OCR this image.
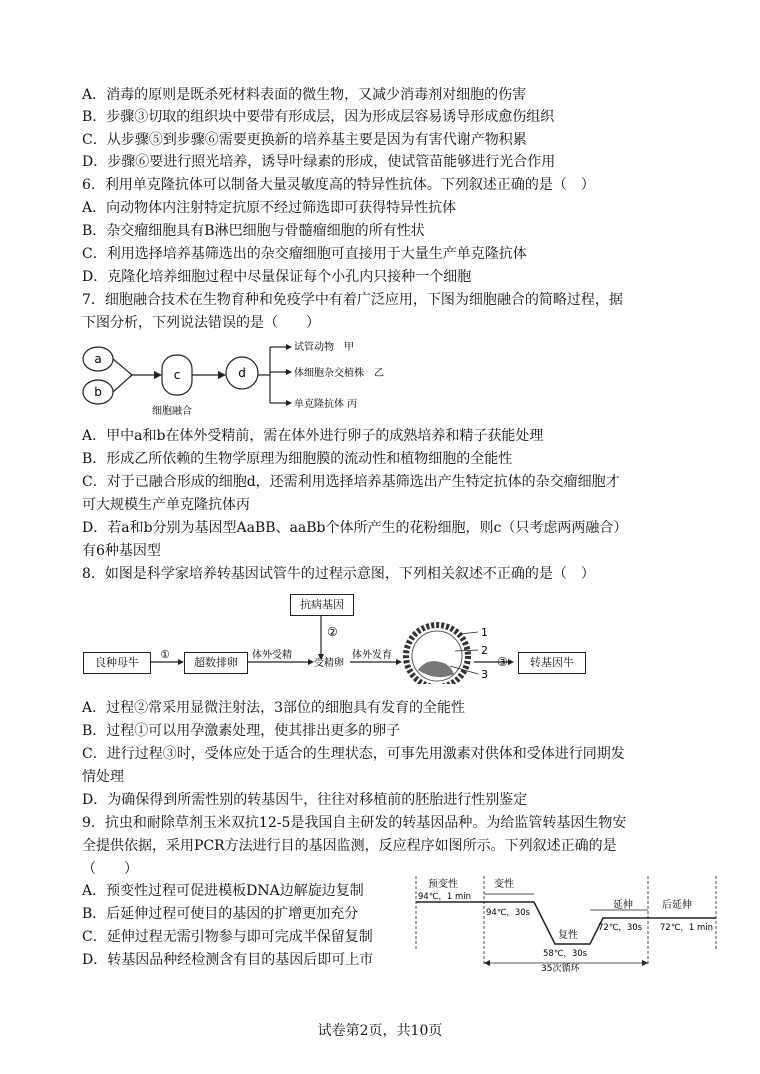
A．消毒的原则是既杀死材料表面的微生物，又减少消毒剂对细胞的伤害
B．步骤③切取的组织块中要带有形成层，因为形成层容易诱导形成愈伤组织
C．从步骤⑤到步骤⑥需要更换新的培养基主要是因为有害代谢产物积累
D．步骤⑥要进行照光培养，诱导叶绿素的形成，使试管苗能够进行光合作用
6．利用单克隆抗体可以制备大量灵敏度高的特异性抗体。下列叙述正确的是（　）
A．向动物体内注射特定抗原不经过筛选即可获得特异性抗体
B．杂交瘤细胞具有B淋巴细胞与骨髓瘤细胞的所有性状
C．利用选择培养基筛选出的杂交瘤细胞可直接用于大量生产单克隆抗体
D．克隆化培养细胞过程中尽量保证每个小孔内只接种一个细胞
7．细胞融合技术在生物育种和免疫学中有着广泛应用，下图为细胞融合的简略过程，据
下图分析，下列说法错误的是（　　）
a
b
c	d
细胞融合
试管动物　甲
体细胞杂交植株　乙
单克隆抗体 丙
A．甲中a和b在体外受精前，需在体外进行卵子的成熟培养和精子获能处理
B．形成乙所依赖的生物学原理为细胞膜的流动性和植物细胞的全能性
C．对于已融合形成的细胞d，还需利用选择培养基筛选出产生特定抗体的杂交瘤细胞才
可大规模生产单克隆抗体丙
D．若a和b分别为基因型AaBB、aaBb个体所产生的花粉细胞，则c（只考虑两两融合）
有6种基因型
8．如图是科学家培养转基因试管牛的过程示意图，下列相关叙述不正确的是（　）
抗病基因
良种母牛	超数排卵	转基因牛
②
①	体外受精
受精卵
体外发育
1
2
3
③
A．过程②常采用显微注射法，3部位的细胞具有发育的全能性
B．过程①可以用孕激素处理，使其排出更多的卵子
C．进行过程③时，受体应处于适合的生理状态，可事先用激素对供体和受体进行同期发
情处理
D．为确保得到所需性别的转基因牛，往往对移植前的胚胎进行性别鉴定
9．抗虫和耐除草剂玉米双抗12-5是我国自主研发的转基因品种。为给监管转基因生物安
全提供依据，采用PCR方法进行目的基因监测，反应程序如图所示。下列叙述正确的是
（　　）
A．预变性过程可促进模板DNA边解旋边复制
B．后延伸过程可使目的基因的扩增更加充分
C．延伸过程无需引物参与即可完成半保留复制
D．转基因品种经检测含有目的基因后即可上市
预变性	变性
复性
延伸	后延伸
94℃，1 min
94℃，30s
58℃，30s
72℃，30s 72℃，1 min
35次循环
试卷第2页，共10页
